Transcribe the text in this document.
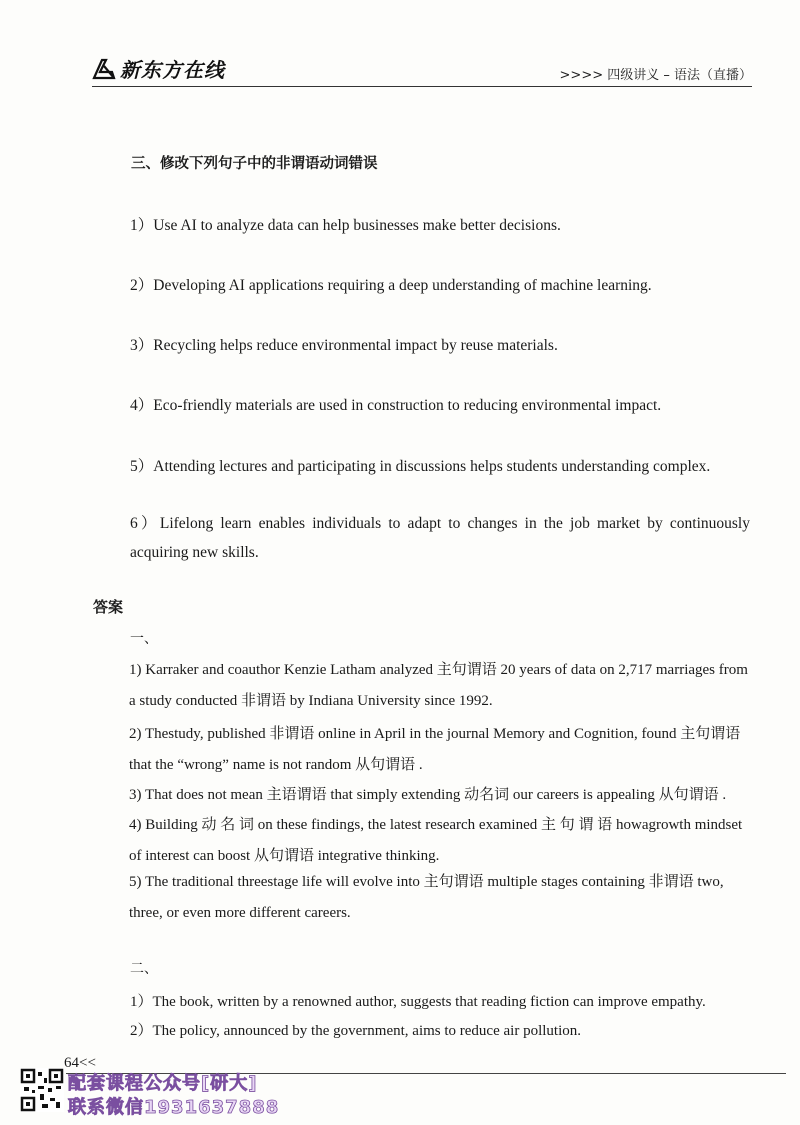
新东方在线	>>>> 四级讲义 – 语法（直播）
三、修改下列句子中的非谓语动词错误
1）Use AI to analyze data can help businesses make better decisions.
2）Developing AI applications requiring a deep understanding of machine learning.
3）Recycling helps reduce environmental impact by reuse materials.
4）Eco-friendly materials are used in construction to reducing environmental impact.
5）Attending lectures and participating in discussions helps students understanding complex.
6）Lifelong learn enables individuals to adapt to changes in the job market by continuously acquiring new skills.
答案
一、
1) Karraker and coauthor Kenzie Latham analyzed 主句谓语 20 years of data on 2,717 marriages from a study conducted 非谓语 by Indiana University since 1992.
2) Thestudy, published 非谓语 online in April in the journal Memory and Cognition, found 主句谓语 that the “wrong” name is not random 从句谓语 .
3) That does not mean 主语谓语 that simply extending 动名词 our careers is appealing 从句谓语 .
4) Building 动 名 词 on these findings, the latest research examined 主 句 谓 语 howagrowth mindset of interest can boost 从句谓语 integrative thinking.
5) The traditional threestage life will evolve into 主句谓语 multiple stages containing 非谓语 two, three, or even more different careers.
二、
1）The book, written by a renowned author, suggests that reading fiction can improve empathy.
2）The policy, announced by the government, aims to reduce air pollution.
64<<
配套课程公众号[研大]
联系微信1931637888
